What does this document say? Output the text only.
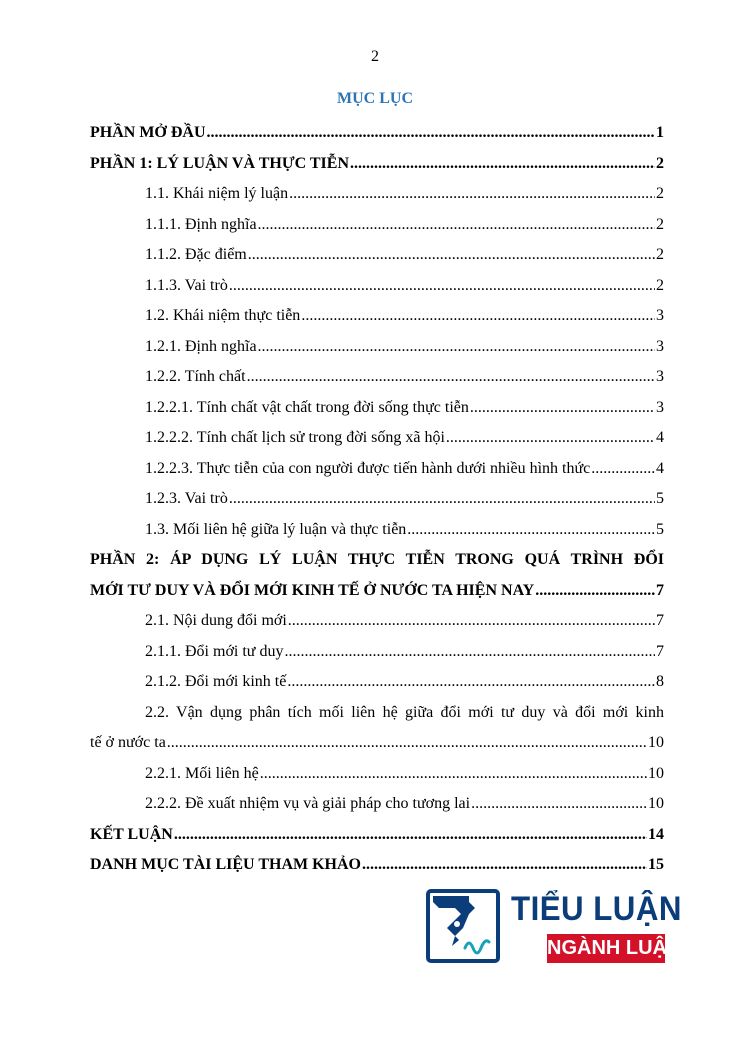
2
MỤC LỤC
PHẦN MỞ ĐẦU .....	1
PHẦN 1: LÝ LUẬN VÀ THỰC TIỄN .....	2
1.1. Khái niệm lý luận .....	2
1.1.1. Định nghĩa .....	2
1.1.2. Đặc điểm .....	2
1.1.3. Vai trò .....	2
1.2. Khái niệm thực tiễn .....	3
1.2.1. Định nghĩa .....	3
1.2.2. Tính chất .....	3
1.2.2.1. Tính chất vật chất trong đời sống thực tiễn .....	3
1.2.2.2. Tính chất lịch sử trong đời sống xã hội .....	4
1.2.2.3. Thực tiễn của con người được tiến hành dưới nhiều hình thức .....	4
1.2.3. Vai trò .....	5
1.3. Mối liên hệ giữa lý luận và thực tiễn .....	5
PHẦN 2: ÁP DỤNG LÝ LUẬN THỰC TIỄN TRONG QUÁ TRÌNH ĐỔI
MỚI TƯ DUY VÀ ĐỔI MỚI KINH TẾ Ở NƯỚC TA HIỆN NAY .....	7
2.1. Nội dung đổi mới .....	7
2.1.1. Đổi mới tư duy .....	7
2.1.2. Đổi mới kinh tế .....	8
2.2. Vận dụng phân tích mối liên hệ giữa đổi mới tư duy và đổi mới kinh
tế ở nước ta .....	10
2.2.1. Mối liên hệ .....	10
2.2.2. Đề xuất nhiệm vụ và giải pháp cho tương lai .....	10
KẾT LUẬN .....	14
DANH MỤC TÀI LIỆU THAM KHẢO .....	15
TIỂU LUẬN
NGÀNH LUẬT
